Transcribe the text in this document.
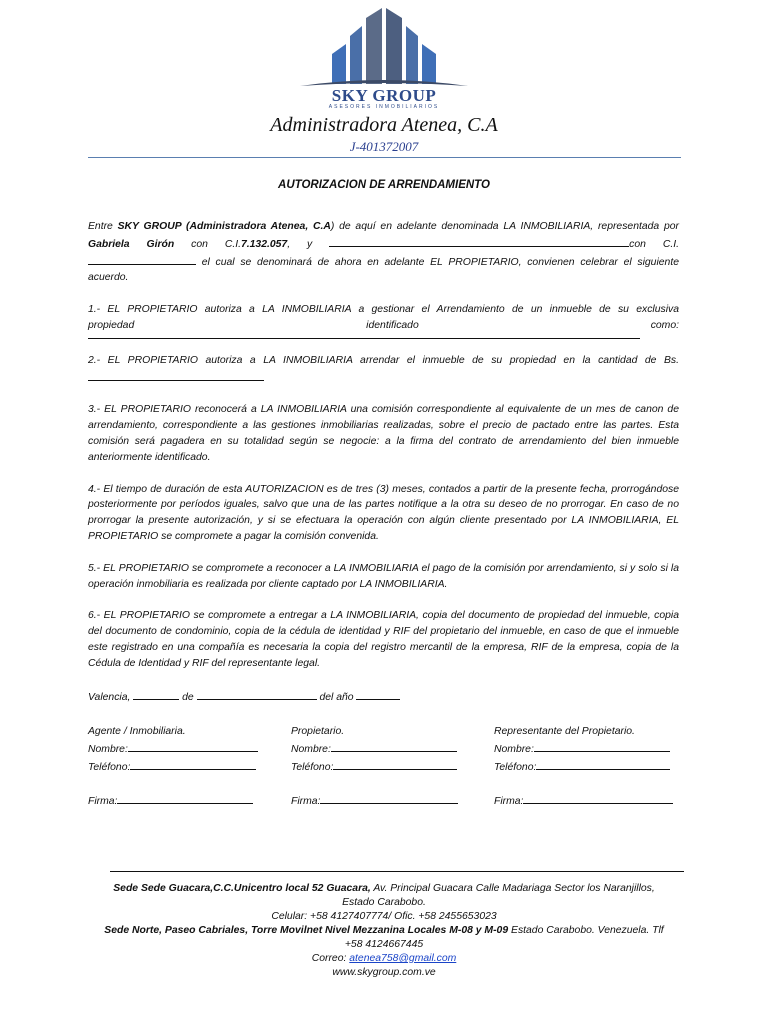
SKY GROUP
ASESORES INMOBILIARIOS
Administradora Atenea, C.A
J-401372007
AUTORIZACION DE ARRENDAMIENTO

Entre SKY GROUP (Administradora Atenea, C.A) de aquí en adelante denominada LA INMOBILIARIA, representada por Gabriela Girón con C.I.7.132.057, y	con C.I. el cual se denominará de ahora en adelante EL PROPIETARIO, convienen celebrar el siguiente acuerdo.

1.- EL PROPIETARIO autoriza a LA INMOBILIARIA a gestionar el Arrendamiento de un inmueble de su exclusiva
propiedad identificado como:

2.- EL PROPIETARIO autoriza a LA INMOBILIARIA arrendar el inmueble de su propiedad en la cantidad de Bs.

3.- EL PROPIETARIO reconocerá a LA INMOBILIARIA una comisión correspondiente al equivalente de un mes de canon de arrendamiento, correspondiente a las gestiones inmobiliarias realizadas, sobre el precio de pactado entre las partes. Esta comisión será pagadera en su totalidad según se negocie: a la firma del contrato de arrendamiento del bien inmueble anteriormente identificado.

4.- El tiempo de duración de esta AUTORIZACION es de tres (3) meses, contados a partir de la presente fecha, prorrogándose posteriormente por períodos iguales, salvo que una de las partes notifique a la otra su deseo de no prorrogar. En caso de no prorrogar la presente autorización, y si se efectuara la operación con algún cliente presentado por LA INMOBILIARIA, EL PROPIETARIO se compromete a pagar la comisión convenida.

5.- EL PROPIETARIO se compromete a reconocer a LA INMOBILIARIA el pago de la comisión por arrendamiento, si y solo si la operación inmobiliaria es realizada por cliente captado por LA INMOBILIARIA.

6.- EL PROPIETARIO se compromete a entregar a LA INMOBILIARIA, copia del documento de propiedad del inmueble, copia del documento de condominio, copia de la cédula de identidad y RIF del propietario del inmueble, en caso de que el inmueble este registrado en una compañía es necesaria la copia del registro mercantil de la empresa, RIF de la empresa, copia de la Cédula de Identidad y RIF del representante legal.

Valencia,	de	del año
Agente / Inmobiliaria.
Nombre:
Teléfono:
Firma:
Propietario.
Nombre:
Teléfono:
Firma:
Representante del Propietario.
Nombre:
Teléfono:
Firma:
Sede Sede Guacara,C.C.Unicentro local 52 Guacara, Av. Principal Guacara Calle Madariaga Sector los Naranjillos, Estado Carabobo.
Celular: +58 4127407774/ Ofic. +58 2455653023
Sede Norte, Paseo Cabriales, Torre Movilnet Nivel Mezzanina Locales M-08 y M-09 Estado Carabobo. Venezuela. Tlf +58 4124667445
Correo: atenea758@gmail.com
www.skygroup.com.ve
